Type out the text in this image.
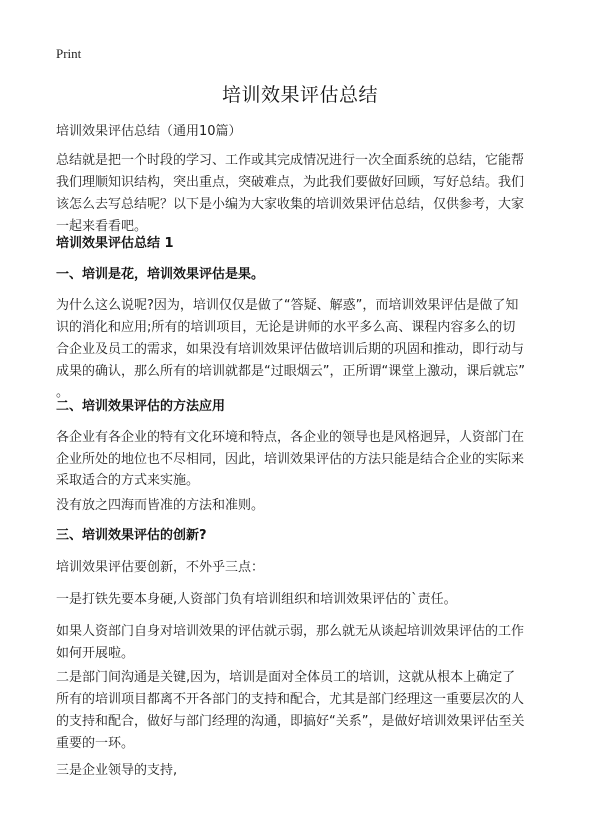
Print
培训效果评估总结
培训效果评估总结（通用10篇）
总结就是把一个时段的学习、工作或其完成情况进行一次全面系统的总结，它能帮
我们理顺知识结构，突出重点，突破难点，为此我们要做好回顾，写好总结。我们
该怎么去写总结呢？以下是小编为大家收集的培训效果评估总结，仅供参考，大家
一起来看看吧。
培训效果评估总结 1
一、培训是花，培训效果评估是果。
为什么这么说呢?因为，培训仅仅是做了“答疑、解惑”，而培训效果评估是做了知
识的消化和应用;所有的培训项目，无论是讲师的水平多么高、课程内容多么的切
合企业及员工的需求，如果没有培训效果评估做培训后期的巩固和推动，即行动与
成果的确认，那么所有的培训就都是“过眼烟云”，正所谓“课堂上激动，课后就忘”
。
二、培训效果评估的方法应用
各企业有各企业的特有文化环境和特点，各企业的领导也是风格迥异，人资部门在
企业所处的地位也不尽相同，因此，培训效果评估的方法只能是结合企业的实际来
采取适合的方式来实施。
没有放之四海而皆准的方法和准则。
三、培训效果评估的创新?
培训效果评估要创新，不外乎三点：
一是打铁先要本身硬,人资部门负有培训组织和培训效果评估的`责任。
如果人资部门自身对培训效果的评估就示弱，那么就无从谈起培训效果评估的工作
如何开展啦。
二是部门间沟通是关键,因为，培训是面对全体员工的培训，这就从根本上确定了
所有的培训项目都离不开各部门的支持和配合，尤其是部门经理这一重要层次的人
的支持和配合，做好与部门经理的沟通，即搞好“关系”，是做好培训效果评估至关
重要的一环。
三是企业领导的支持,
